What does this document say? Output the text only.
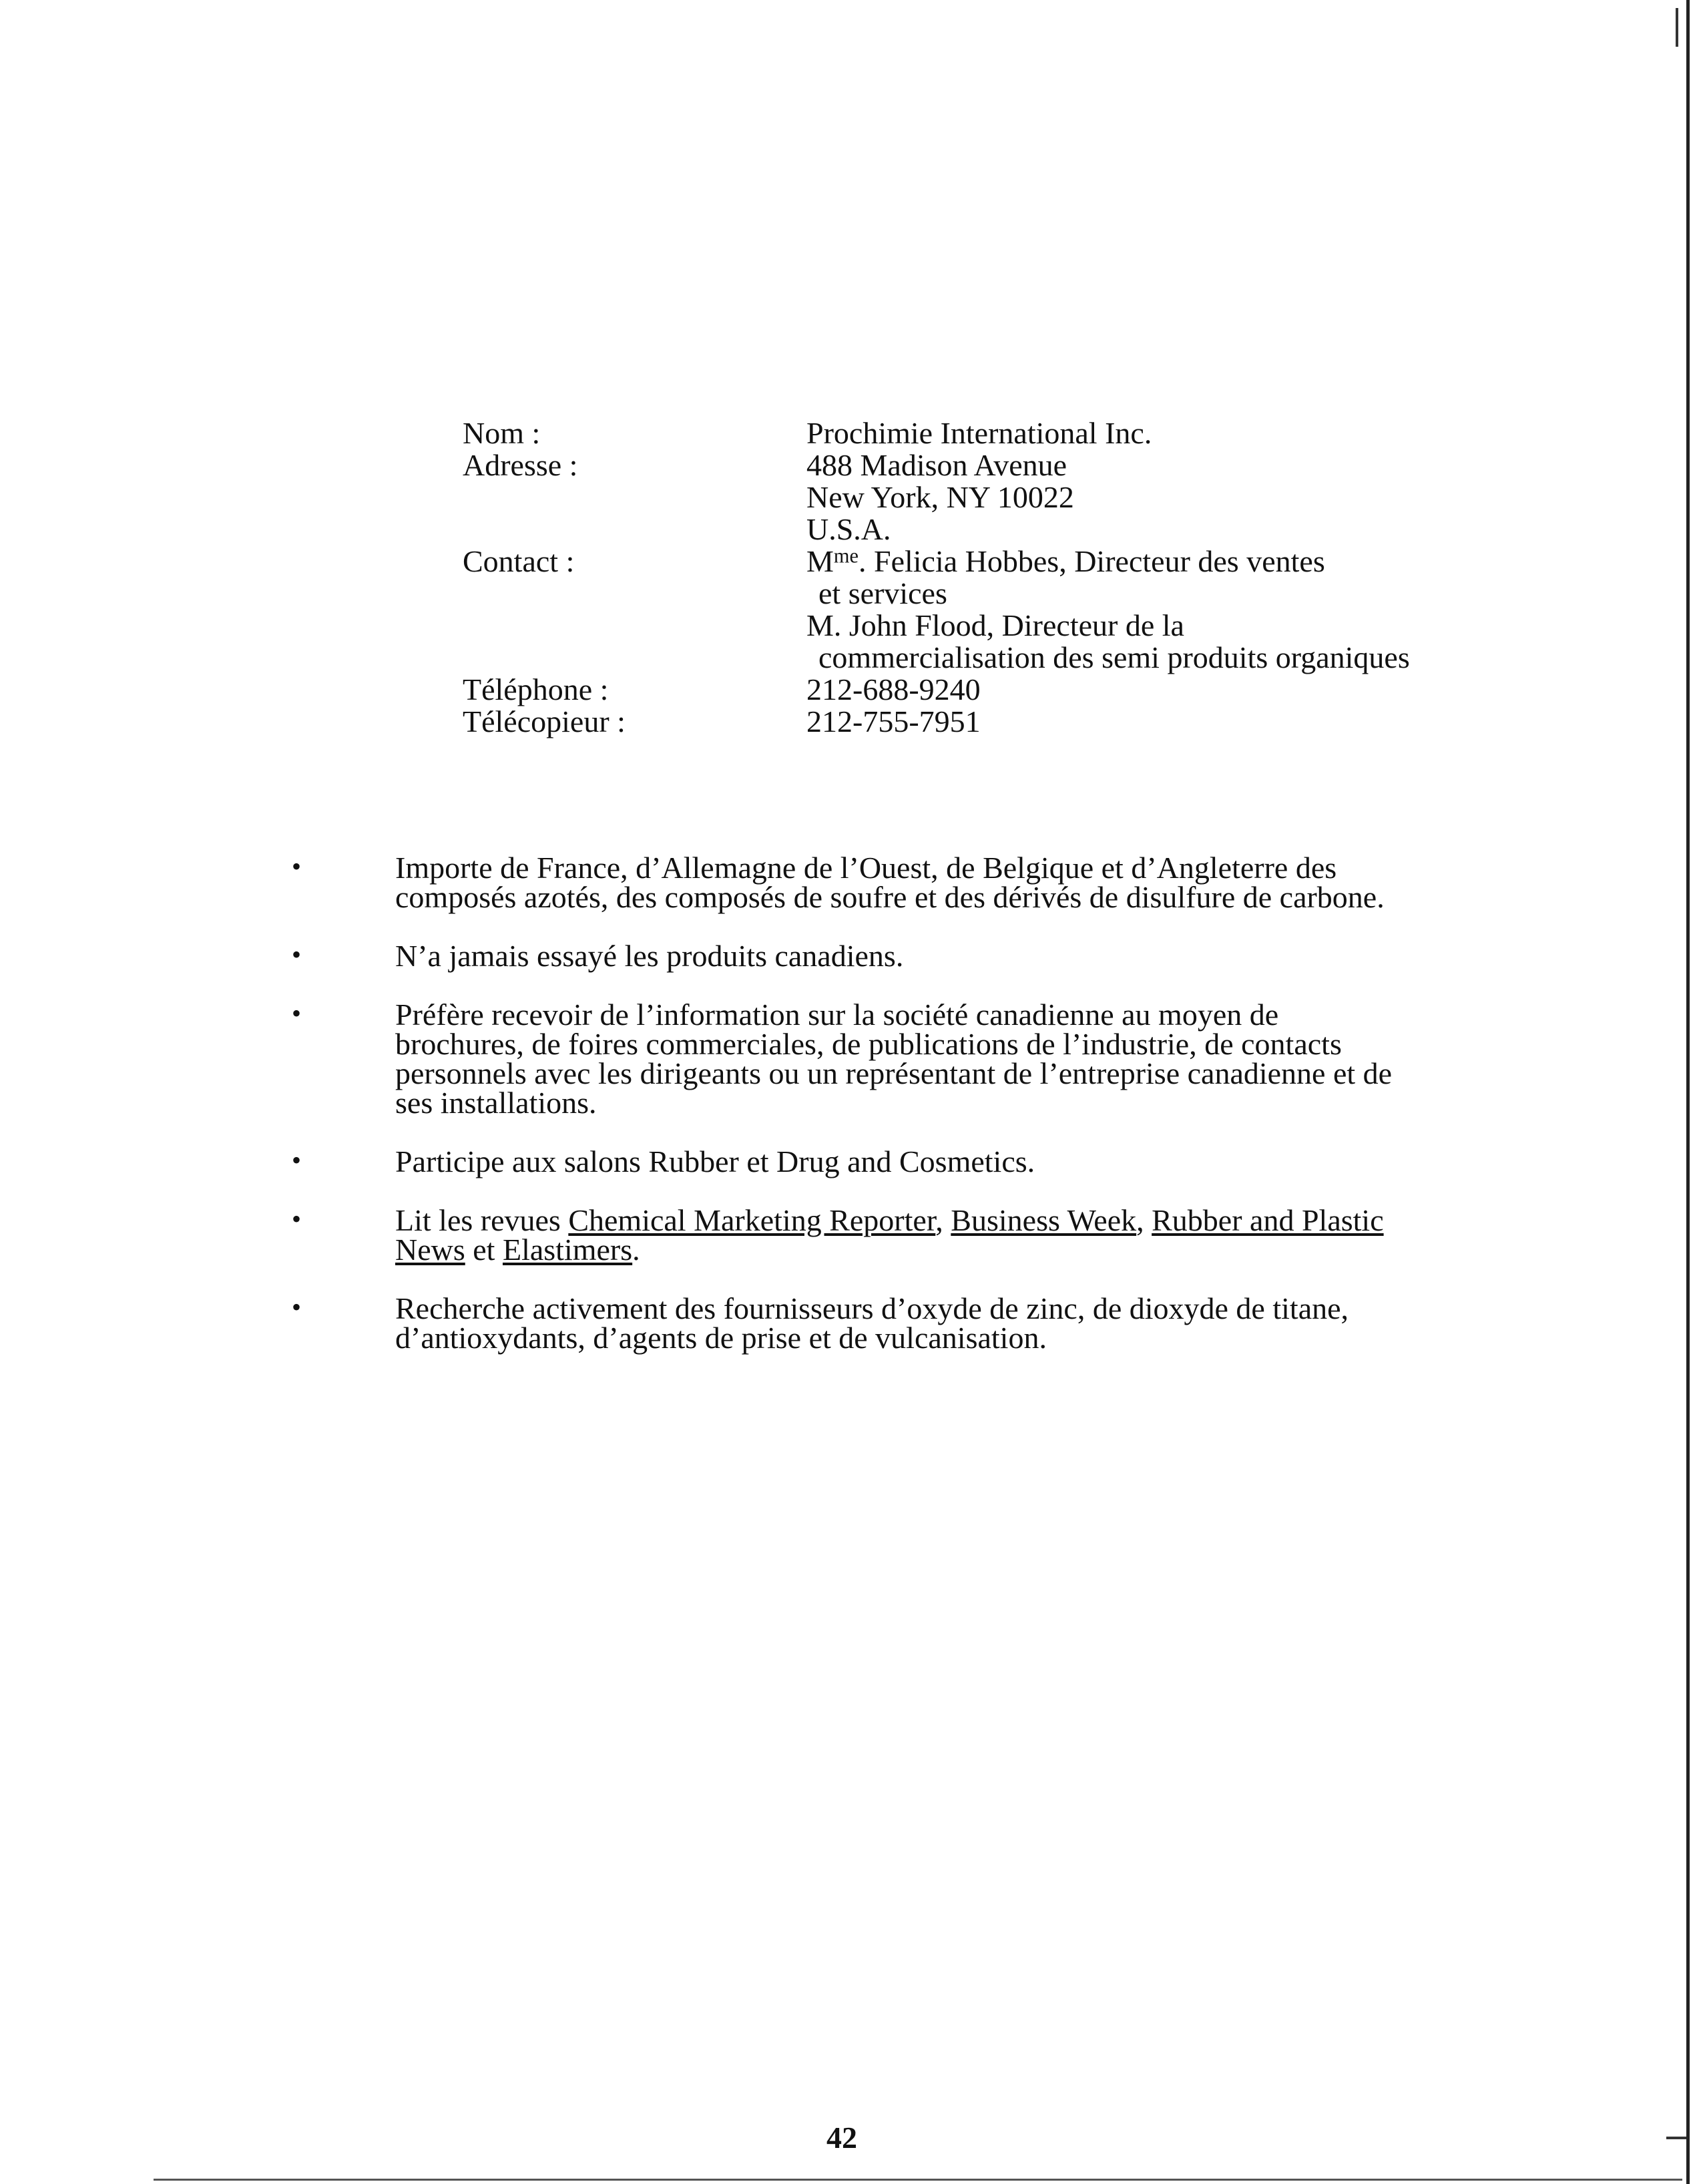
Nom :	Prochimie International Inc.
Adresse :	488 Madison Avenue
New York, NY 10022
U.S.A.
Contact :	$M^{me}$. Felicia Hobbes, Directeur des ventes
et services
M. John Flood, Directeur de la
commercialisation des semi produits organiques
Téléphone :	212-688-9240
Télécopieur :	212-755-7951
•	Importe de France, d’Allemagne de l’Ouest, de Belgique et d’Angleterre des
composés azotés, des composés de soufre et des dérivés de disulfure de carbone.
•	N’a jamais essayé les produits canadiens.
•	Préfère recevoir de l’information sur la société canadienne au moyen de
brochures, de foires commerciales, de publications de l’industrie, de contacts
personnels avec les dirigeants ou un représentant de l’entreprise canadienne et de
ses installations.
•	Participe aux salons Rubber et Drug and Cosmetics.
•	Lit les revues Chemical Marketing Reporter, Business Week, Rubber and Plastic
News et Elastimers.
•	Recherche activement des fournisseurs d’oxyde de zinc, de dioxyde de titane,
d’antioxydants, d’agents de prise et de vulcanisation.
42
